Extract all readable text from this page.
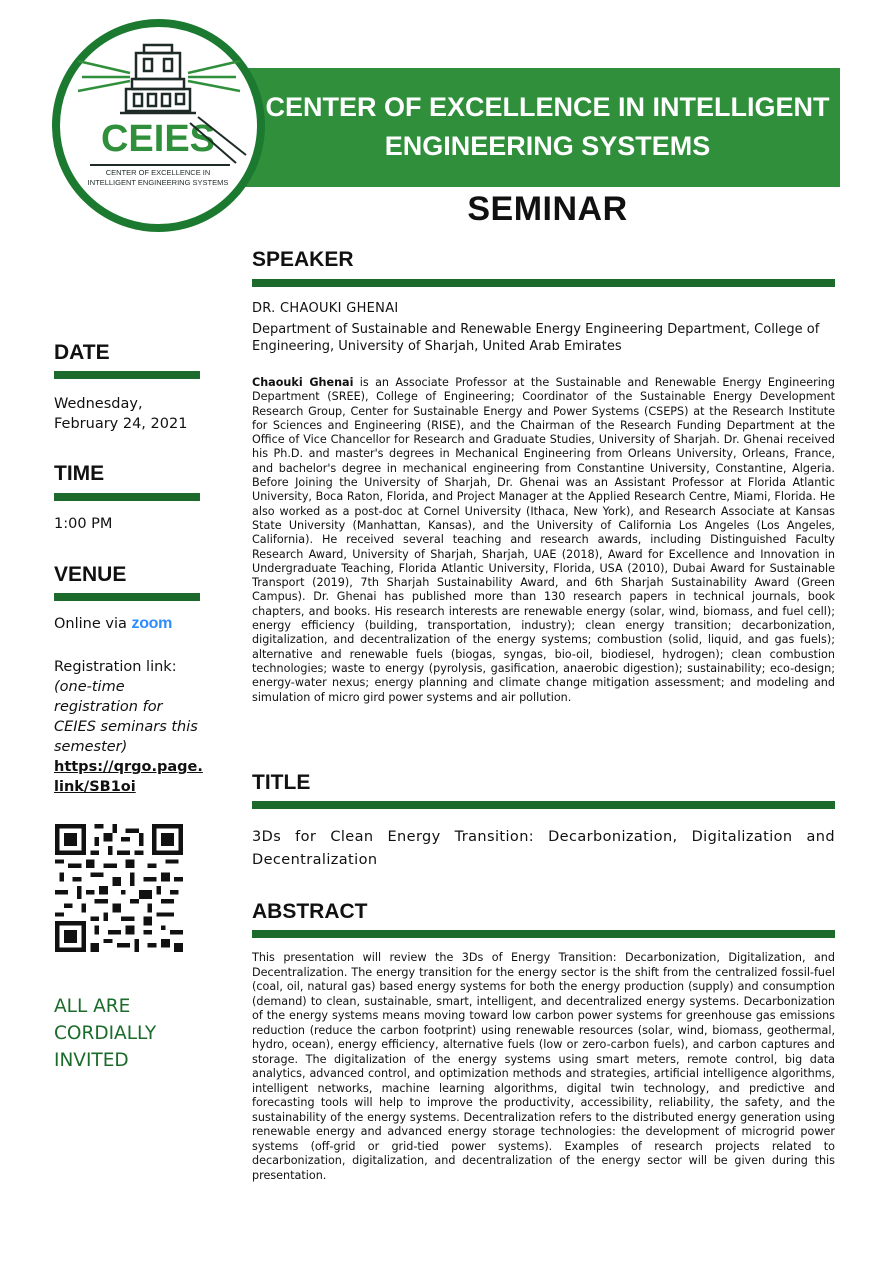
CENTER OF EXCELLENCE IN INTELLIGENT
ENGINEERING SYSTEMS
CEIES
CENTER OF EXCELLENCE IN
INTELLIGENT ENGINEERING SYSTEMS
SEMINAR
SPEAKER
DR. CHAOUKI GHENAI
Department of Sustainable and Renewable Energy Engineering Department, College of Engineering, University of Sharjah, United Arab Emirates
Chaouki Ghenai is an Associate Professor at the Sustainable and Renewable Energy Engineering Department (SREE), College of Engineering; Coordinator of the Sustainable Energy Development Research Group, Center for Sustainable Energy and Power Systems (CSEPS) at the Research Institute for Sciences and Engineering (RISE), and the Chairman of the Research Funding Department at the Office of Vice Chancellor for Research and Graduate Studies, University of Sharjah. Dr. Ghenai received his Ph.D. and master's degrees in Mechanical Engineering from Orleans University, Orleans, France, and bachelor's degree in mechanical engineering from Constantine University, Constantine, Algeria. Before Joining the University of Sharjah, Dr. Ghenai was an Assistant Professor at Florida Atlantic University, Boca Raton, Florida, and Project Manager at the Applied Research Centre, Miami, Florida. He also worked as a post-doc at Cornel University (Ithaca, New York), and Research Associate at Kansas State University (Manhattan, Kansas), and the University of California Los Angeles (Los Angeles, California). He received several teaching and research awards, including Distinguished Faculty Research Award, University of Sharjah, Sharjah, UAE (2018), Award for Excellence and Innovation in Undergraduate Teaching, Florida Atlantic University, Florida, USA (2010), Dubai Award for Sustainable Transport (2019), 7th Sharjah Sustainability Award, and 6th Sharjah Sustainability Award (Green Campus). Dr. Ghenai has published more than 130 research papers in technical journals, book chapters, and books. His research interests are renewable energy (solar, wind, biomass, and fuel cell); energy efficiency (building, transportation, industry); clean energy transition; decarbonization, digitalization, and decentralization of the energy systems; combustion (solid, liquid, and gas fuels); alternative and renewable fuels (biogas, syngas, bio-oil, biodiesel, hydrogen); clean combustion technologies; waste to energy (pyrolysis, gasification, anaerobic digestion); sustainability; eco-design; energy-water nexus; energy planning and climate change mitigation assessment; and modeling and simulation of micro gird power systems and air pollution.
TITLE
3Ds for Clean Energy Transition: Decarbonization, Digitalization and Decentralization
ABSTRACT
This presentation will review the 3Ds of Energy Transition: Decarbonization, Digitalization, and Decentralization. The energy transition for the energy sector is the shift from the centralized fossil-fuel (coal, oil, natural gas) based energy systems for both the energy production (supply) and consumption (demand) to clean, sustainable, smart, intelligent, and decentralized energy systems. Decarbonization of the energy systems means moving toward low carbon power systems for greenhouse gas emissions reduction (reduce the carbon footprint) using renewable resources (solar, wind, biomass, geothermal, hydro, ocean), energy efficiency, alternative fuels (low or zero-carbon fuels), and carbon captures and storage. The digitalization of the energy systems using smart meters, remote control, big data analytics, advanced control, and optimization methods and strategies, artificial intelligence algorithms, intelligent networks, machine learning algorithms, digital twin technology, and predictive and forecasting tools will help to improve the productivity, accessibility, reliability, the safety, and the sustainability of the energy systems. Decentralization refers to the distributed energy generation using renewable energy and advanced energy storage technologies: the development of microgrid power systems (off-grid or grid-tied power systems). Examples of research projects related to decarbonization, digitalization, and decentralization of the energy sector will be given during this presentation.
DATE
Wednesday,
February 24, 2021
TIME
1:00 PM
VENUE
Online via zoom
Registration link:
(one-time registration for CEIES seminars this semester)
https://qrgo.page.link/SB1oi
ALL ARE
CORDIALLY
INVITED
